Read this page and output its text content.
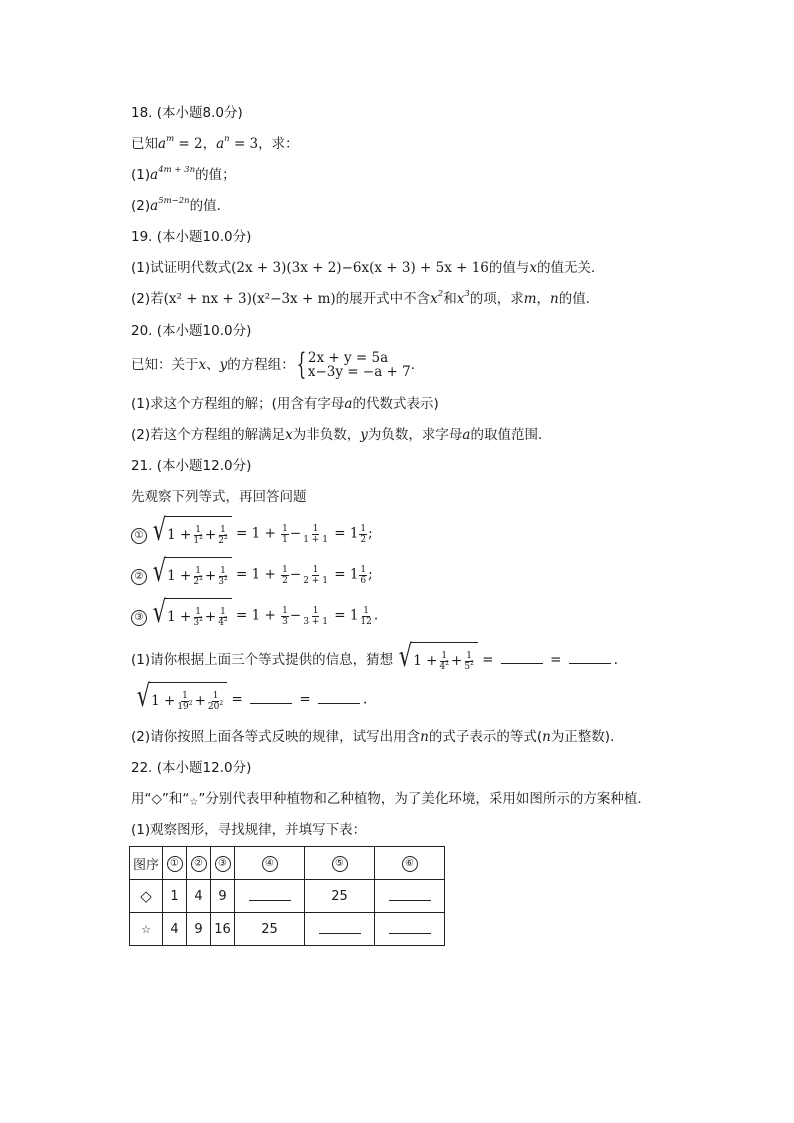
18. (本小题8.0分)
已知$a^m = 2$，$a^n = 3$，求：
$(1)a^{4m + 3n}$的值；
$(2)a^{5m-2n}$的值．
19. (本小题10.0分)
(1)试证明代数式(2x + 3)(3x + 2)−6x(x + 3) + 5x + 16的值与x的值无关．
(2)若(x² + nx + 3)(x²−3x + m)的展开式中不含$x^2$和$x^3$的项，求m，n的值．
20. (本小题10.0分)
已知：关于x、y的方程组：{ 2x + y = 5a
x−3y = −a + 7 ．
(1)求这个方程组的解；(用含有字母a的代数式表示)
(2)若这个方程组的解满足x为非负数，y为负数，求字母a的取值范围．
21. (本小题12.0分)
先观察下列等式，再回答问题
① √ $1 + \frac{1}{1^2} + \frac{1}{2^2} = 1 + \frac{1}{1} - \frac{1}{1 + 1} = 1 \frac{1}{2}$ ;
② √ $1 + \frac{1}{2^2} + \frac{1}{3^2} = 1 + \frac{1}{2} - \frac{1}{2 + 1} = 1 \frac{1}{6}$ ;
③ √ $1 + \frac{1}{3^2} + \frac{1}{4^2} = 1 + \frac{1}{3} - \frac{1}{3 + 1} = 1 \frac{1}{12}$ .
(1)请你根据上面三个等式提供的信息，猜想 √ $1 + \frac{1}{4^2} + \frac{1}{5^2}$ =	=	．
√ $1 + \frac{1}{19^2} + \frac{1}{20^2}$ =	=	.
(2)请你按照上面各等式反映的规律，试写出用含n的式子表示的等式(n为正整数)．
22. (本小题12.0分)
用“◇”和“☆”分别代表甲种植物和乙种植物，为了美化环境，采用如图所示的方案种植．
(1)观察图形，寻找规律，并填写下表：
图序	①	②	③	④	⑤	⑥
◇	1	4	9		25	
☆	4	9	16	25		
